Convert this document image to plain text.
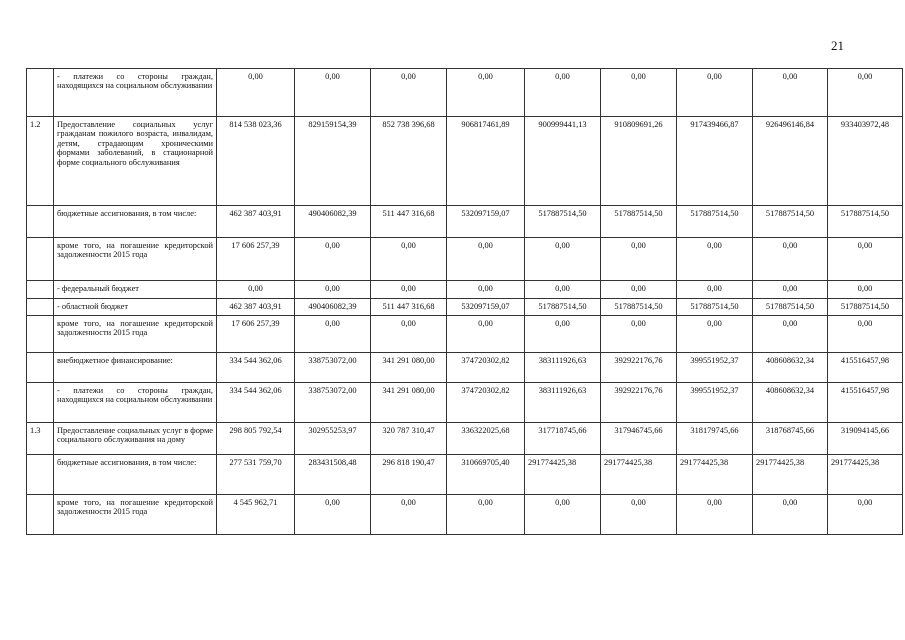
21
	- платежи со стороны граждан, находящихся на социальном обслуживании	0,00	0,00	0,00	0,00	0,00	0,00	0,00	0,00	0,00
1.2	Предоставление социальных услуг гражданам пожилого возраста, инвалидам, детям, страдающим хроническими формами заболеваний, в стационарной форме социального обслуживания	814 538 023,36	829159154,39	852 738 396,68	906817461,89	900999441,13	910809691,26	917439466,87	926496146,84	933403972,48
	бюджетные ассигнования, в том числе:	462 387 403,91	490406082,39	511 447 316,68	532097159,07	517887514,50	517887514,50	517887514,50	517887514,50	517887514,50
	кроме того, на погашение кредиторской задолженности 2015 года	17 606 257,39	0,00	0,00	0,00	0,00	0,00	0,00	0,00	0,00
	- федеральный бюджет	0,00	0,00	0,00	0,00	0,00	0,00	0,00	0,00	0,00
	- областной бюджет	462 387 403,91	490406082,39	511 447 316,68	532097159,07	517887514,50	517887514,50	517887514,50	517887514,50	517887514,50
	кроме того, на погашение кредиторской задолженности 2015 года	17 606 257,39	0,00	0,00	0,00	0,00	0,00	0,00	0,00	0,00
	внебюджетное финансирование:	334 544 362,06	338753072,00	341 291 080,00	374720302,82	383111926,63	392922176,76	399551952,37	408608632,34	415516457,98
	- платежи со стороны граждан, находящихся на социальном обслуживании	334 544 362,06	338753072,00	341 291 080,00	374720302,82	383111926,63	392922176,76	399551952,37	408608632,34	415516457,98
1.3	Предоставление социальных услуг в форме социального обслуживания на дому	298 805 792,54	302955253,97	320 787 310,47	336322025,68	317718745,66	317946745,66	318179745,66	318768745,66	319094145,66
	бюджетные ассигнования, в том числе:	277 531 759,70	283431508,48	296 818 190,47	310669705,40	291774425,38	291774425,38	291774425,38	291774425,38	291774425,38
	кроме того, на погашение кредиторской задолженности 2015 года	4 545 962,71	0,00	0,00	0,00	0,00	0,00	0,00	0,00	0,00
